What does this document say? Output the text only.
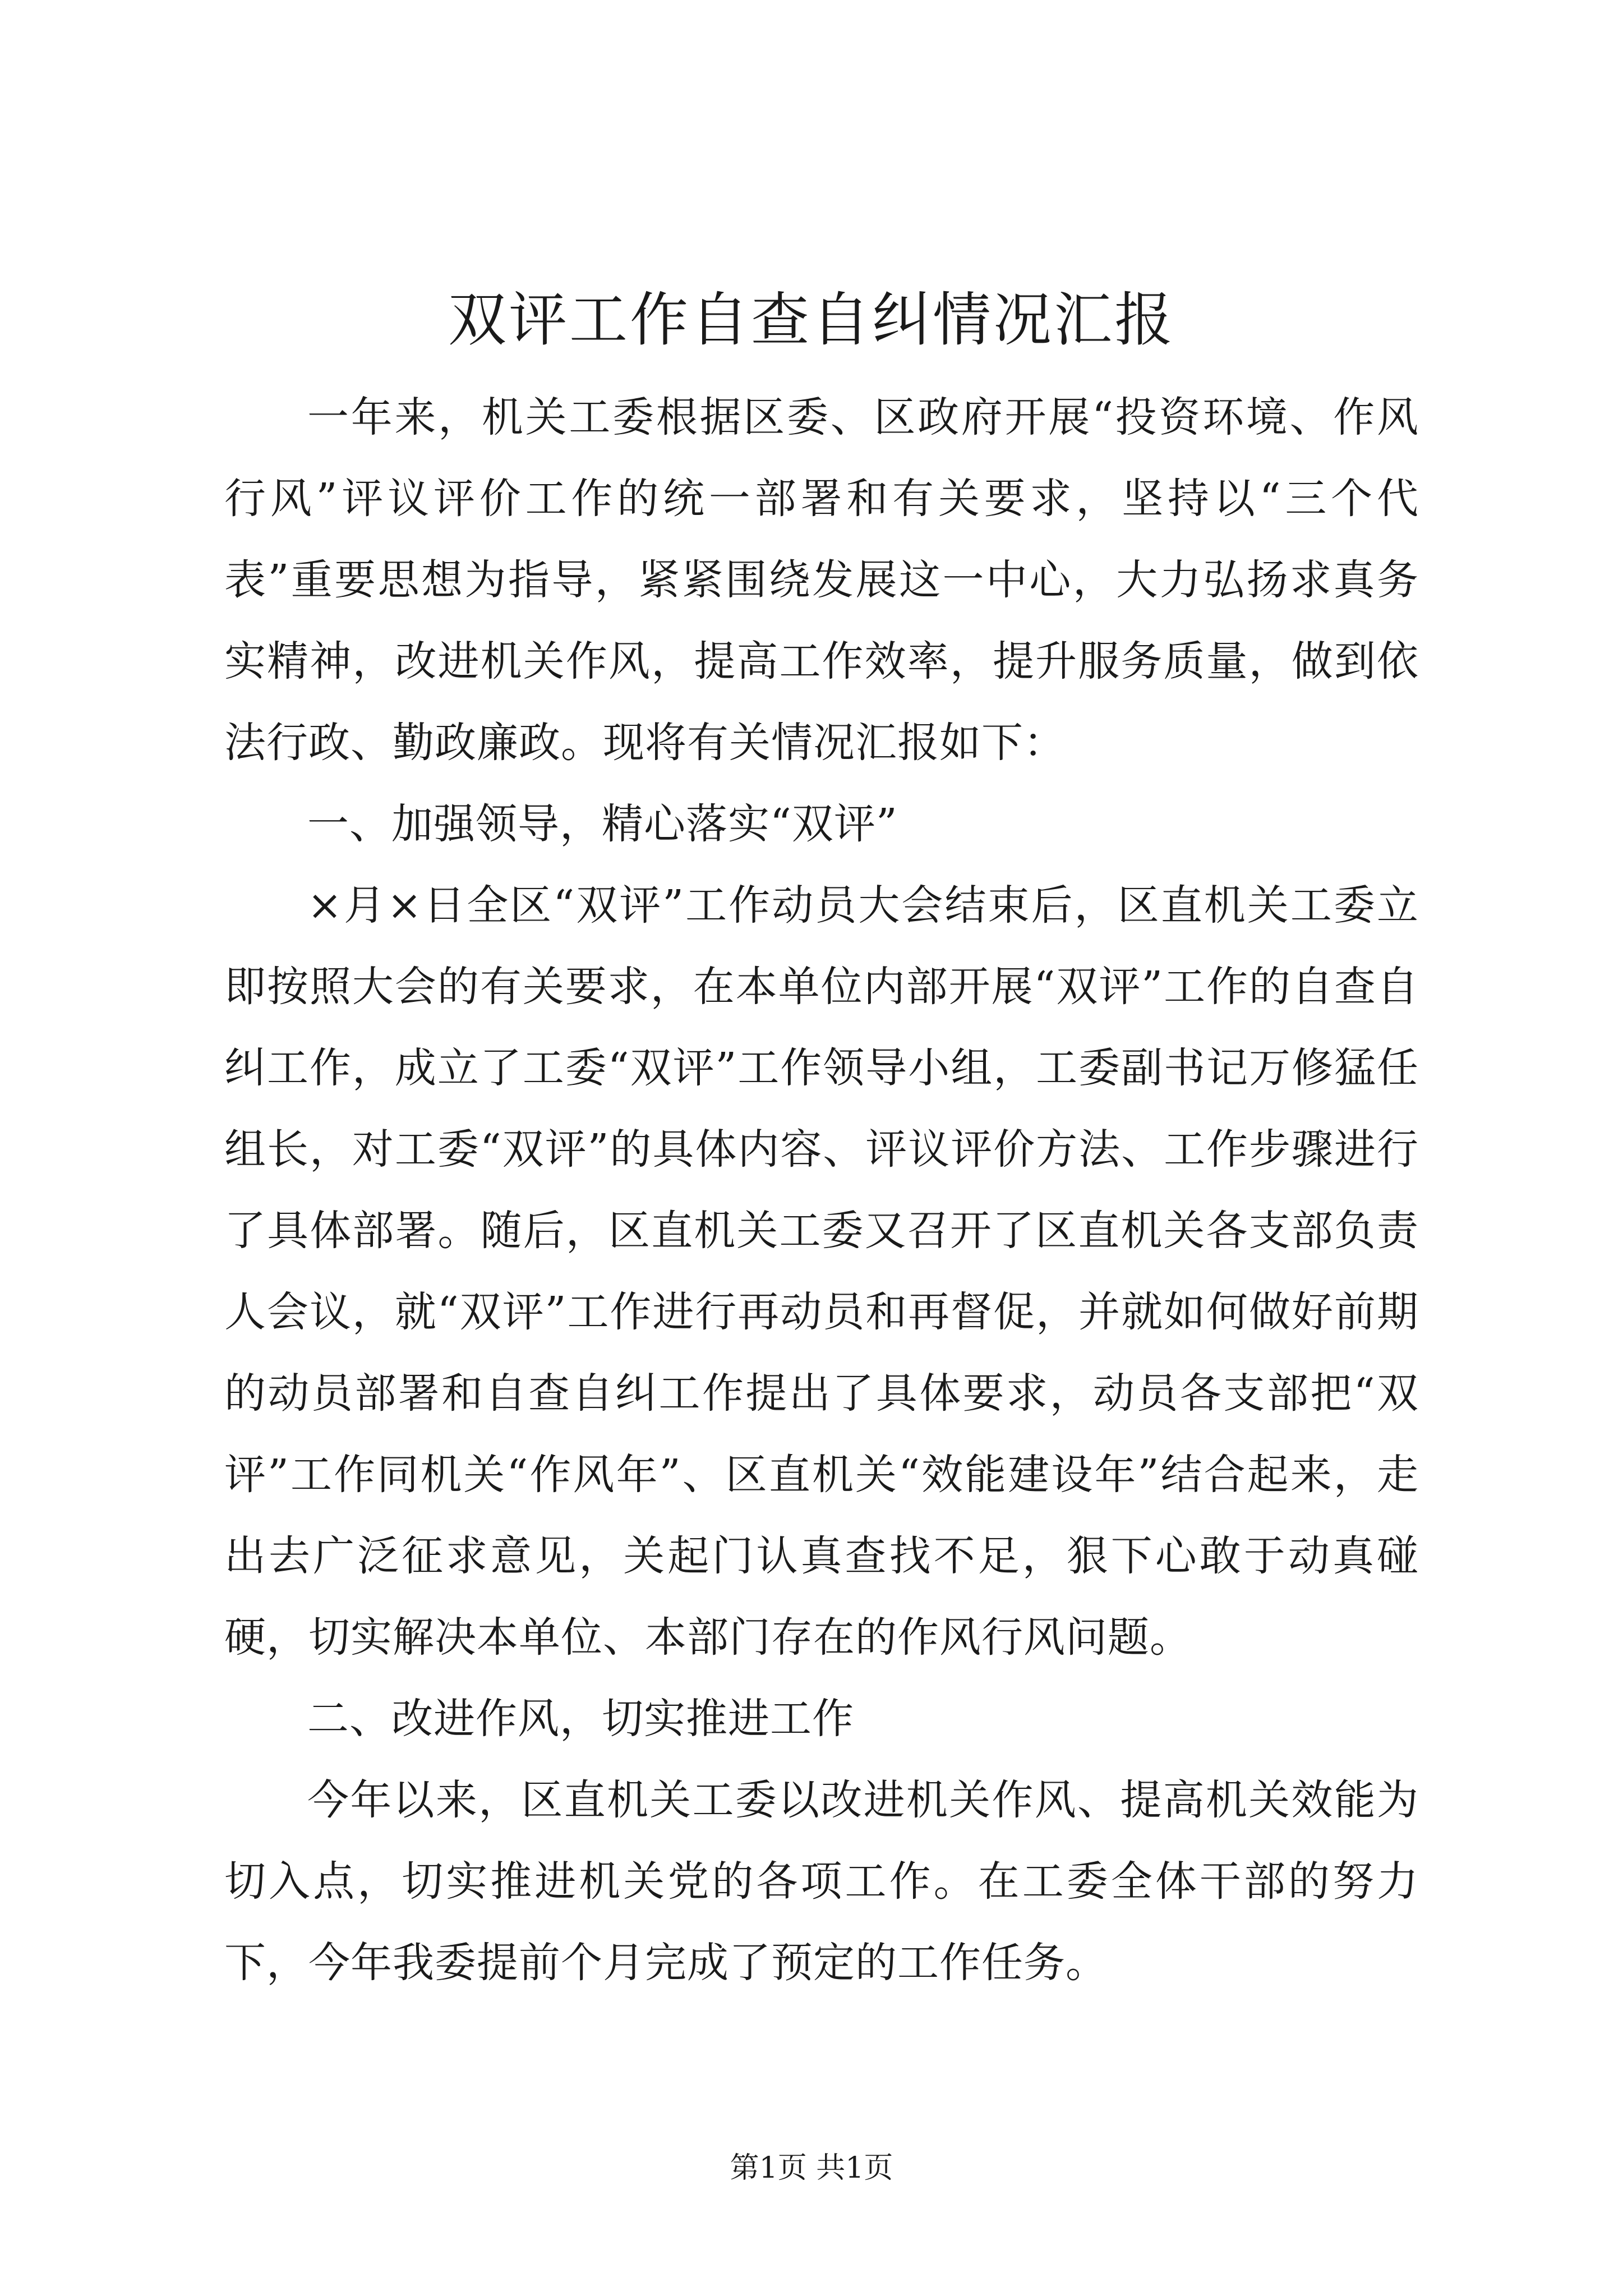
双评工作自查自纠情况汇报

一年来，机关工委根据区委、区政府开展“投资环境、作风行风”评议评价工作的统一部署和有关要求，坚持以“三个代表”重要思想为指导，紧紧围绕发展这一中心，大力弘扬求真务实精神，改进机关作风，提高工作效率，提升服务质量，做到依法行政、勤政廉政。现将有关情况汇报如下：

一、加强领导，精心落实“双评”

×月×日全区“双评”工作动员大会结束后，区直机关工委立即按照大会的有关要求，在本单位内部开展“双评”工作的自查自纠工作，成立了工委“双评”工作领导小组，工委副书记万修猛任组长，对工委“双评”的具体内容、评议评价方法、工作步骤进行了具体部署。随后，区直机关工委又召开了区直机关各支部负责人会议，就“双评”工作进行再动员和再督促，并就如何做好前期的动员部署和自查自纠工作提出了具体要求，动员各支部把“双评”工作同机关“作风年”、区直机关“效能建设年”结合起来，走出去广泛征求意见，关起门认真查找不足，狠下心敢于动真碰硬，切实解决本单位、本部门存在的作风行风问题。

二、改进作风，切实推进工作

今年以来，区直机关工委以改进机关作风、提高机关效能为切入点，切实推进机关党的各项工作。在工委全体干部的努力下，今年我委提前个月完成了预定的工作任务。

第1页 共1页
